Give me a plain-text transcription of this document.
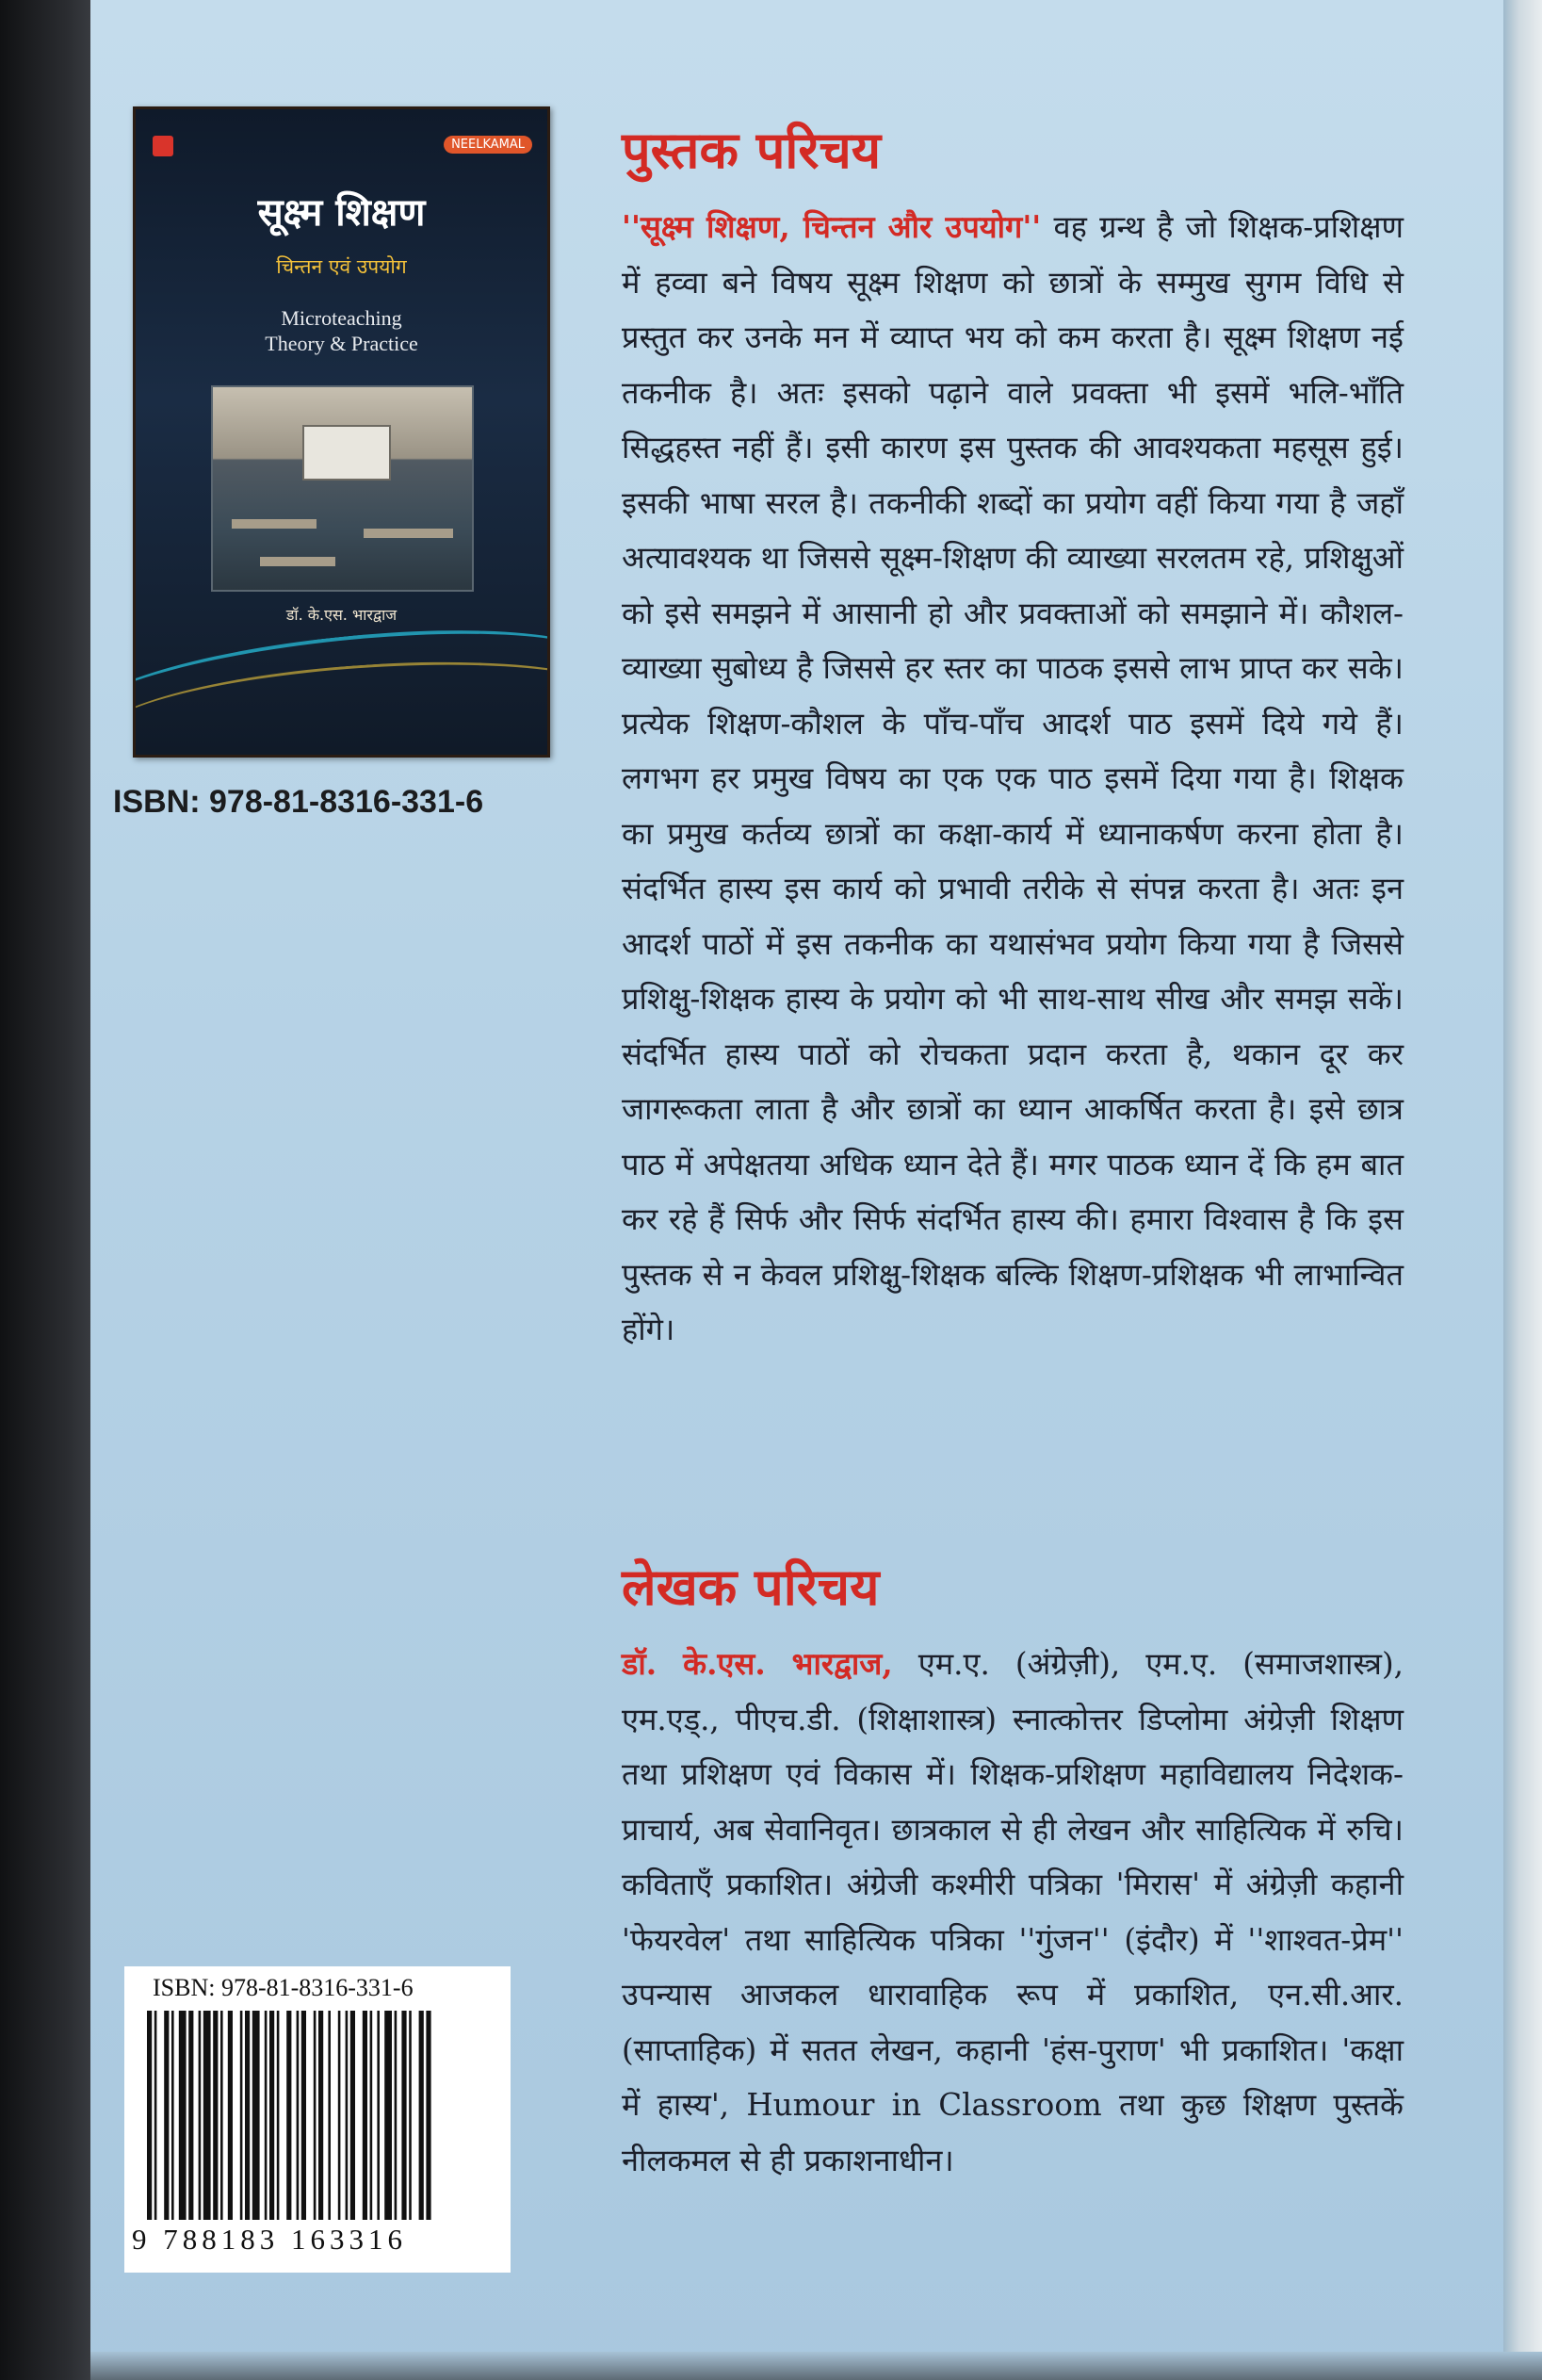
NEELKAMAL
सूक्ष्म शिक्षण
चिन्तन एवं उपयोग
Microteaching
Theory & Practice
डॉ. के.एस. भारद्वाज
ISBN: 978-81-8316-331-6
पुस्तक परिचय

''सूक्ष्म शिक्षण, चिन्तन और उपयोग'' वह ग्रन्थ है जो शिक्षक-प्रशिक्षण में हव्वा बने विषय सूक्ष्म शिक्षण को छात्रों के सम्मुख सुगम विधि से प्रस्तुत कर उनके मन में व्याप्त भय को कम करता है। सूक्ष्म शिक्षण नई तकनीक है। अतः इसको पढ़ाने वाले प्रवक्ता भी इसमें भलि-भाँति सिद्धहस्त नहीं हैं। इसी कारण इस पुस्तक की आवश्यकता महसूस हुई। इसकी भाषा सरल है। तकनीकी शब्दों का प्रयोग वहीं किया गया है जहाँ अत्यावश्यक था जिससे सूक्ष्म-शिक्षण की व्याख्या सरलतम रहे, प्रशिक्षुओं को इसे समझने में आसानी हो और प्रवक्ताओं को समझाने में। कौशल-व्याख्या सुबोध्य है जिससे हर स्तर का पाठक इससे लाभ प्राप्त कर सके। प्रत्येक शिक्षण-कौशल के पाँच-पाँच आदर्श पाठ इसमें दिये गये हैं। लगभग हर प्रमुख विषय का एक एक पाठ इसमें दिया गया है। शिक्षक का प्रमुख कर्तव्य छात्रों का कक्षा-कार्य में ध्यानाकर्षण करना होता है। संदर्भित हास्य इस कार्य को प्रभावी तरीके से संपन्न करता है। अतः इन आदर्श पाठों में इस तकनीक का यथासंभव प्रयोग किया गया है जिससे प्रशिक्षु-शिक्षक हास्य के प्रयोग को भी साथ-साथ सीख और समझ सकें। संदर्भित हास्य पाठों को रोचकता प्रदान करता है, थकान दूर कर जागरूकता लाता है और छात्रों का ध्यान आकर्षित करता है। इसे छात्र पाठ में अपेक्षतया अधिक ध्यान देते हैं। मगर पाठक ध्यान दें कि हम बात कर रहे हैं सिर्फ और सिर्फ संदर्भित हास्य की। हमारा विश्वास है कि इस पुस्तक से न केवल प्रशिक्षु-शिक्षक बल्कि शिक्षण-प्रशिक्षक भी लाभान्वित होंगे।

लेखक परिचय

डॉ. के.एस. भारद्वाज, एम.ए. (अंग्रेज़ी), एम.ए. (समाजशास्त्र), एम.एड्., पीएच.डी. (शिक्षाशास्त्र) स्नात्कोत्तर डिप्लोमा अंग्रेज़ी शिक्षण तथा प्रशिक्षण एवं विकास में। शिक्षक-प्रशिक्षण महाविद्यालय निदेशक-प्राचार्य, अब सेवानिवृत। छात्रकाल से ही लेखन और साहित्यिक में रुचि। कविताएँ प्रकाशित। अंग्रेजी कश्मीरी पत्रिका 'मिरास' में अंग्रेज़ी कहानी 'फेयरवेल' तथा साहित्यिक पत्रिका ''गुंजन'' (इंदौर) में ''शाश्वत-प्रेम'' उपन्यास आजकल धारावाहिक रूप में प्रकाशित, एन.सी.आर. (साप्ताहिक) में सतत लेखन, कहानी 'हंस-पुराण' भी प्रकाशित। 'कक्षा में हास्य', Humour in Classroom तथा कुछ शिक्षण पुस्तकें नीलकमल से ही प्रकाशनाधीन।

ISBN: 978-81-8316-331-6
9 788183 163316
